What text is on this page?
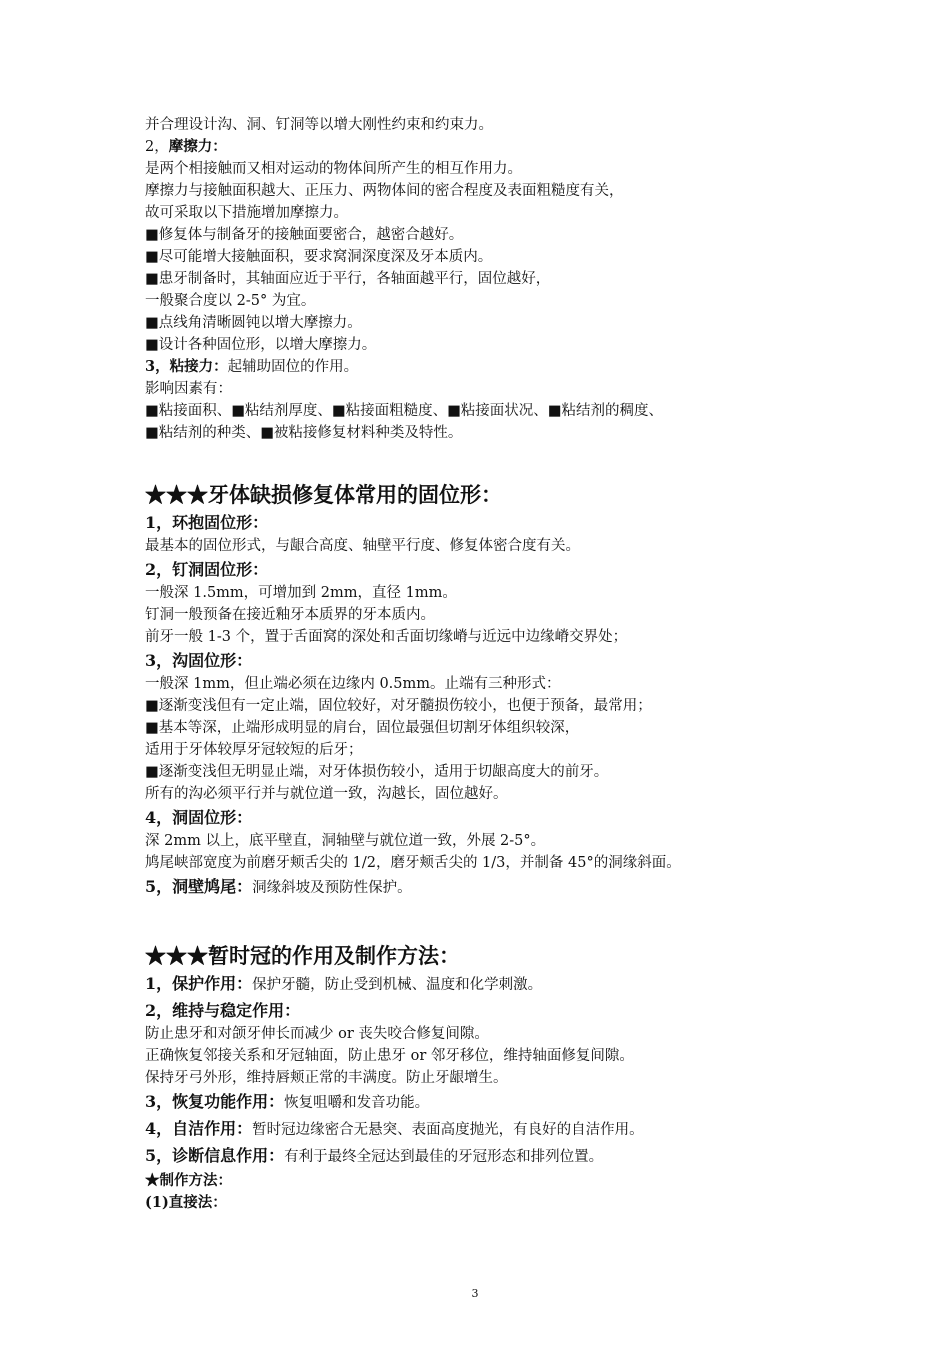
并合理设计沟、洞、钉洞等以增大刚性约束和约束力。
2，摩擦力：
是两个相接触而又相对运动的物体间所产生的相互作用力。
摩擦力与接触面积越大、正压力、两物体间的密合程度及表面粗糙度有关，
故可采取以下措施增加摩擦力。
■修复体与制备牙的接触面要密合，越密合越好。
■尽可能增大接触面积，要求窝洞深度深及牙本质内。
■患牙制备时，其轴面应近于平行，各轴面越平行，固位越好，
一般聚合度以 2-5° 为宜。
■点线角清晰圆钝以增大摩擦力。
■设计各种固位形，以增大摩擦力。
3，粘接力：起辅助固位的作用。
影响因素有：
■粘接面积、■粘结剂厚度、■粘接面粗糙度、■粘接面状况、■粘结剂的稠度、
■粘结剂的种类、■被粘接修复材料种类及特性。
★★★牙体缺损修复体常用的固位形：
1，环抱固位形：
最基本的固位形式，与龈合高度、轴壁平行度、修复体密合度有关。
2，钉洞固位形：
一般深 1.5mm，可增加到 2mm，直径 1mm。
钉洞一般预备在接近釉牙本质界的牙本质内。
前牙一般 1-3 个，置于舌面窝的深处和舌面切缘嵴与近远中边缘嵴交界处；
3，沟固位形：
一般深 1mm，但止端必须在边缘内 0.5mm。止端有三种形式：
■逐渐变浅但有一定止端，固位较好，对牙髓损伤较小，也便于预备，最常用；
■基本等深，止端形成明显的肩台，固位最强但切割牙体组织较深，
适用于牙体较厚牙冠较短的后牙；
■逐渐变浅但无明显止端，对牙体损伤较小，适用于切龈高度大的前牙。
所有的沟必须平行并与就位道一致，沟越长，固位越好。
4，洞固位形：
深 2mm 以上，底平壁直，洞轴壁与就位道一致，外展 2-5°。
鸠尾峡部宽度为前磨牙颊舌尖的 1/2，磨牙颊舌尖的 1/3，并制备 45°的洞缘斜面。
5，洞壁鸠尾：洞缘斜坡及预防性保护。
★★★暂时冠的作用及制作方法：
1，保护作用：保护牙髓，防止受到机械、温度和化学刺激。
2，维持与稳定作用：
防止患牙和对颌牙伸长而减少 or 丧失咬合修复间隙。
正确恢复邻接关系和牙冠轴面，防止患牙 or 邻牙移位，维持轴面修复间隙。
保持牙弓外形，维持唇颊正常的丰满度。防止牙龈增生。
3，恢复功能作用：恢复咀嚼和发音功能。
4，自洁作用：暂时冠边缘密合无悬突、表面高度抛光，有良好的自洁作用。
5，诊断信息作用：有利于最终全冠达到最佳的牙冠形态和排列位置。
★制作方法：
(1)直接法：
3
